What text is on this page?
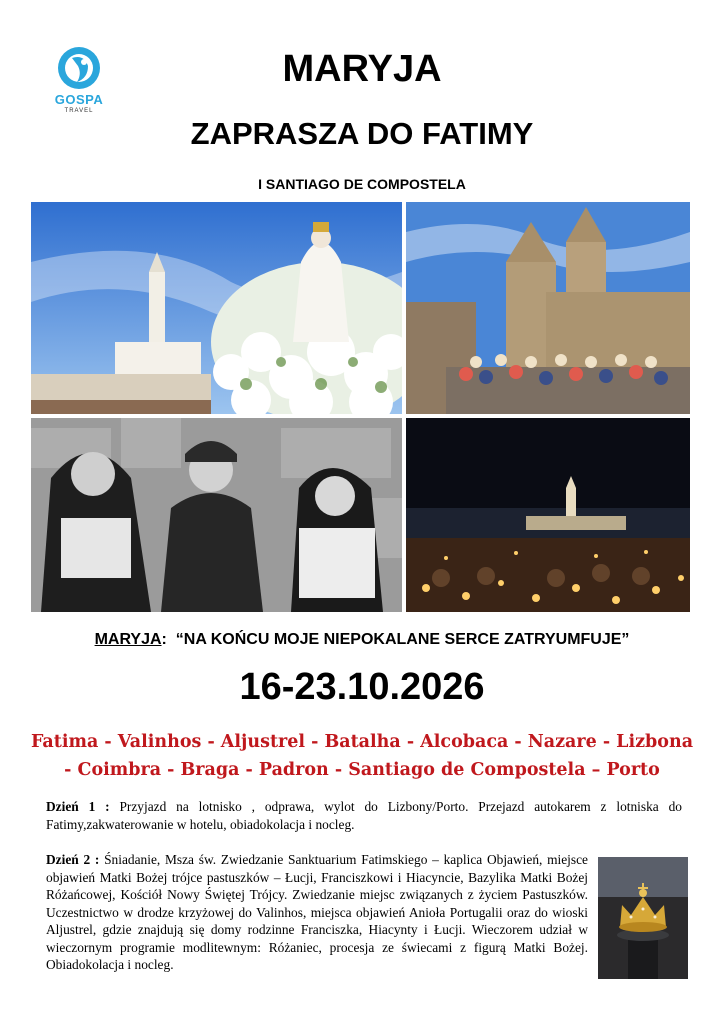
GOSPA
TRAVEL
MARYJA
ZAPRASZA DO FATIMY
I SANTIAGO DE COMPOSTELA
MARYJA: “NA KOŃCU MOJE NIEPOKALANE SERCE ZATRYUMFUJE”
16-23.10.2026
Fatima - Valinhos - Aljustrel - Batalha - Alcobaca - Nazare - Lizbona
- Coimbra - Braga - Padron - Santiago de Compostela – Porto
Dzień 1 : Przyjazd na lotnisko , odprawa, wylot do Lizbony/Porto. Przejazd autokarem z lotniska do Fatimy,zakwaterowanie w hotelu, obiadokolacja i nocleg.
Dzień 2 : Śniadanie, Msza św. Zwiedzanie Sanktuarium Fatimskiego – kaplica Objawień, miejsce objawień Matki Bożej trójce pastuszków – Łucji, Franciszkowi i Hiacyncie, Bazylika Matki Bożej Różańcowej, Kościół Nowy Świętej Trójcy. Zwiedzanie miejsc związanych z życiem Pastuszków. Uczestnictwo w drodze krzyżowej do Valinhos, miejsca objawień Anioła Portugalii oraz do wioski Aljustrel, gdzie znajdują się domy rodzinne Franciszka, Hiacynty i Łucji. Wieczorem udział w wieczornym programie modlitewnym: Różaniec, procesja ze świecami z figurą Matki Bożej. Obiadokolacja i nocleg.
